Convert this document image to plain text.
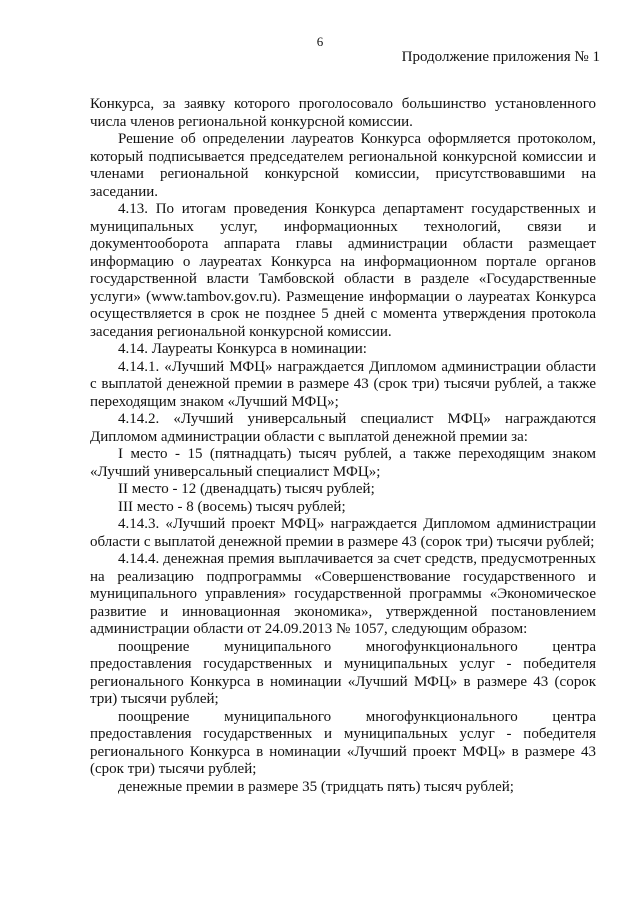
6
Продолжение приложения № 1

Конкурса, за заявку которого проголосовало большинство установленного числа членов региональной конкурсной комиссии.

Решение об определении лауреатов Конкурса оформляется протоколом, который подписывается председателем региональной конкурсной комиссии и членами региональной конкурсной комиссии, присутствовавшими на заседании.

4.13. По итогам проведения Конкурса департамент государственных и муниципальных услуг, информационных технологий, связи и документооборота аппарата главы администрации области размещает информацию о лауреатах Конкурса на информационном портале органов государственной власти Тамбовской области в разделе «Государственные услуги» (www.tambov.gov.ru). Размещение информации о лауреатах Конкурса осуществляется в срок не позднее 5 дней с момента утверждения протокола заседания региональной конкурсной комиссии.

4.14. Лауреаты Конкурса в номинации:

4.14.1. «Лучший МФЦ» награждается Дипломом администрации области с выплатой денежной премии в размере 43 (срок три) тысячи рублей, а также переходящим знаком «Лучший МФЦ»;

4.14.2. «Лучший универсальный специалист МФЦ» награждаются Дипломом администрации области с выплатой денежной премии за:

I место - 15 (пятнадцать) тысяч рублей, а также переходящим знаком «Лучший универсальный специалист МФЦ»;

II место - 12 (двенадцать) тысяч рублей;

III место - 8 (восемь) тысяч рублей;

4.14.3. «Лучший проект МФЦ» награждается Дипломом администрации области с выплатой денежной премии в размере 43 (сорок три) тысячи рублей;

4.14.4. денежная премия выплачивается за счет средств, предусмотренных на реализацию подпрограммы «Совершенствование государственного и муниципального управления» государственной программы «Экономическое развитие и инновационная экономика», утвержденной постановлением администрации области от 24.09.2013 № 1057, следующим образом:

поощрение муниципального многофункционального центра предоставления государственных и муниципальных услуг - победителя регионального Конкурса в номинации «Лучший МФЦ» в размере 43 (сорок три) тысячи рублей;

поощрение муниципального многофункционального центра предоставления государственных и муниципальных услуг - победителя регионального Конкурса в номинации «Лучший проект МФЦ» в размере 43 (срок три) тысячи рублей;

денежные премии в размере 35 (тридцать пять) тысяч рублей;
